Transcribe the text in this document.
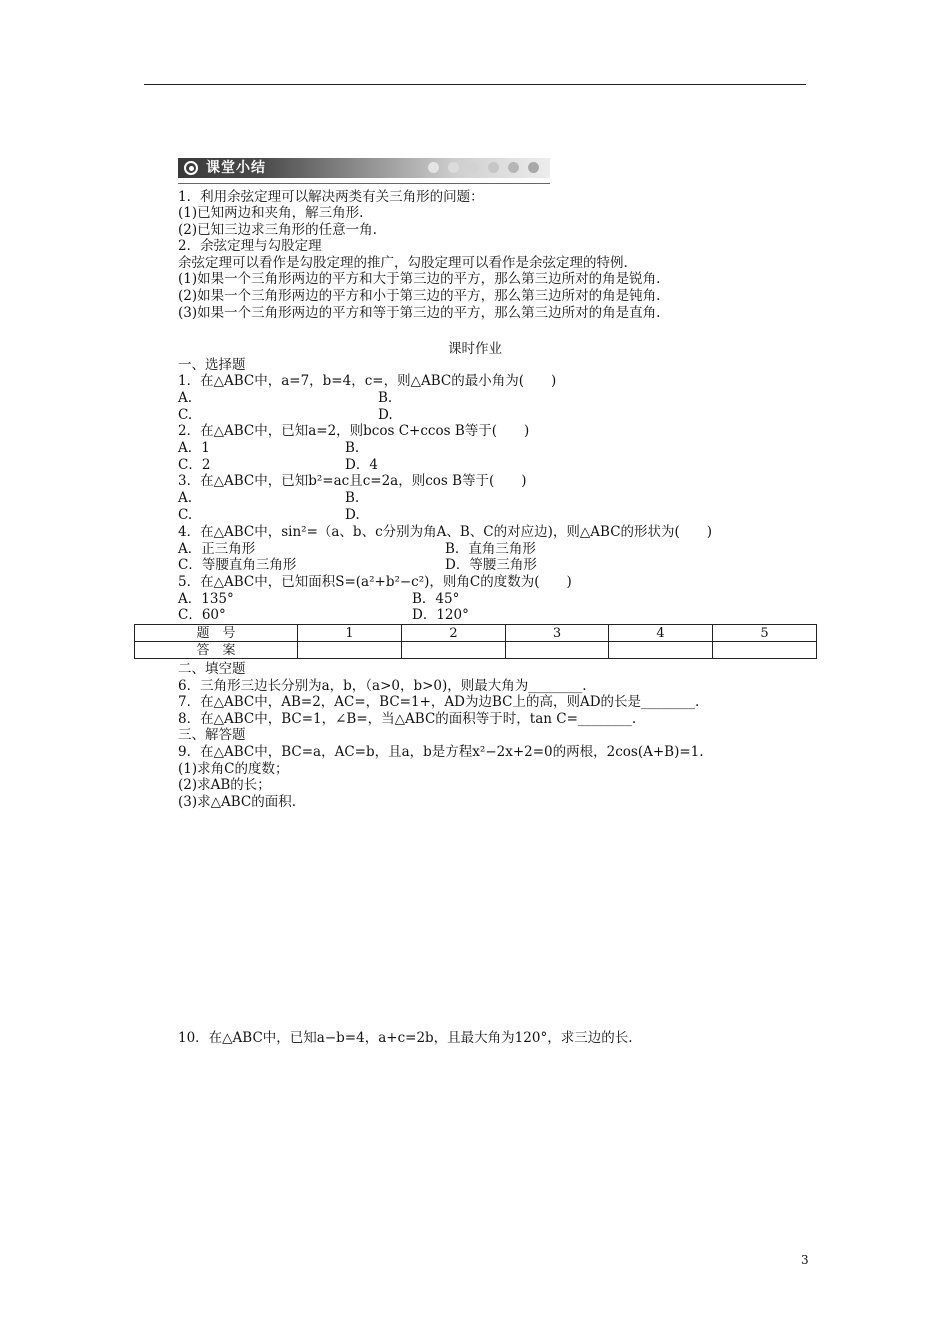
课堂小结
1．利用余弦定理可以解决两类有关三角形的问题：
(1)已知两边和夹角，解三角形.
(2)已知三边求三角形的任意一角.
2．余弦定理与勾股定理
余弦定理可以看作是勾股定理的推广，勾股定理可以看作是余弦定理的特例.
(1)如果一个三角形两边的平方和大于第三边的平方，那么第三边所对的角是锐角.
(2)如果一个三角形两边的平方和小于第三边的平方，那么第三边所对的角是钝角.
(3)如果一个三角形两边的平方和等于第三边的平方，那么第三边所对的角是直角.
课时作业
一、选择题
1．在△ABC中，a=7，b=4，c=，则△ABC的最小角为(　　)
A.	B.
C.	D.
2．在△ABC中，已知a=2，则bcos C+ccos B等于(　　)
A．1	B.
C．2	D．4
3．在△ABC中，已知b²=ac且c=2a，则cos B等于(　　)
A.	B.
C.	D.
4．在△ABC中，sin²=（a、b、c分别为角A、B、C的对应边)，则△ABC的形状为(　　)
A．正三角形	B．直角三角形
C．等腰直角三角形	D．等腰三角形
5．在△ABC中，已知面积S=(a²+b²−c²)，则角C的度数为(　　)
A．135°	B．45°
C．60°	D．120°
题　号	1	2	3	4	5
答　案					
二、填空题
6．三角形三边长分别为a，b，（a>0，b>0)，则最大角为________.
7．在△ABC中，AB=2，AC=，BC=1+，AD为边BC上的高，则AD的长是________.
8．在△ABC中，BC=1，∠B=，当△ABC的面积等于时，tan C=________.
三、解答题
9．在△ABC中，BC=a，AC=b，且a，b是方程x²−2x+2=0的两根，2cos(A+B)=1.
(1)求角C的度数；
(2)求AB的长；
(3)求△ABC的面积.
10．在△ABC中，已知a−b=4，a+c=2b，且最大角为120°，求三边的长.
3
